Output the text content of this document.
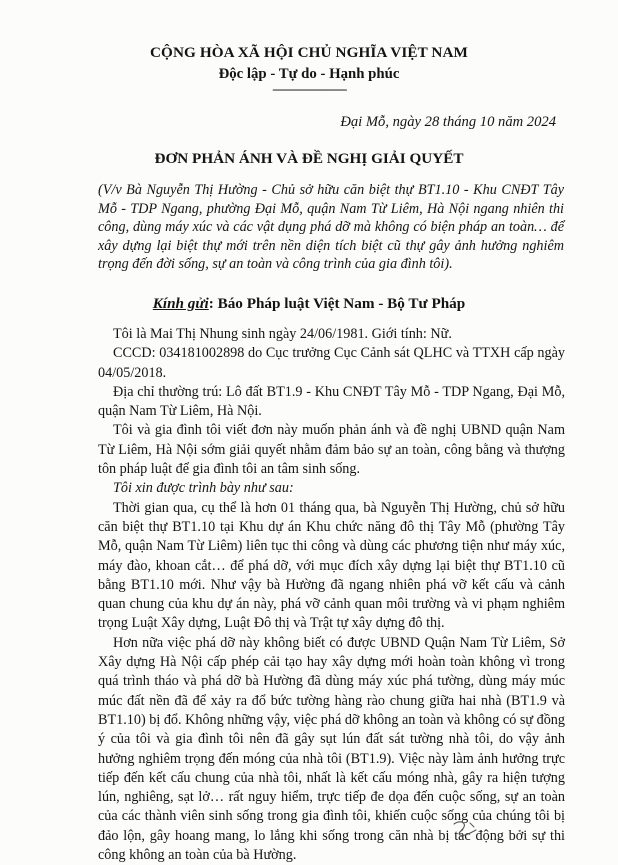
CỘNG HÒA XÃ HỘI CHỦ NGHĨA VIỆT NAM
Độc lập - Tự do - Hạnh phúc
--------------------------
Đại Mỗ, ngày 28 tháng 10 năm 2024
ĐƠN PHẢN ÁNH VÀ ĐỀ NGHỊ GIẢI QUYẾT
(V/v Bà Nguyễn Thị Hường - Chủ sở hữu căn biệt thự BT1.10 - Khu CNĐT Tây Mỗ - TDP Ngang, phường Đại Mỗ, quận Nam Từ Liêm, Hà Nội ngang nhiên thi công, dùng máy xúc và các vật dụng phá dỡ mà không có biện pháp an toàn… để xây dựng lại biệt thự mới trên nền diện tích biệt cũ thự gây ảnh hưởng nghiêm trọng đến đời sống, sự an toàn và công trình của gia đình tôi).
Kính gửi: Báo Pháp luật Việt Nam - Bộ Tư Pháp

Tôi là Mai Thị Nhung sinh ngày 24/06/1981. Giới tính: Nữ.

CCCD: 034181002898 do Cục trưởng Cục Cảnh sát QLHC và TTXH cấp ngày 04/05/2018.

Địa chỉ thường trú: Lô đất BT1.9 - Khu CNĐT Tây Mỗ - TDP Ngang, Đại Mỗ, quận Nam Từ Liêm, Hà Nội.

Tôi và gia đình tôi viết đơn này muốn phản ánh và đề nghị UBND quận Nam Từ Liêm, Hà Nội sớm giải quyết nhằm đảm bảo sự an toàn, công bằng và thượng tôn pháp luật để gia đình tôi an tâm sinh sống.

Tôi xin được trình bày như sau:

Thời gian qua, cụ thể là hơn 01 tháng qua, bà Nguyễn Thị Hường, chủ sở hữu căn biệt thự BT1.10 tại Khu dự án Khu chức năng đô thị Tây Mỗ (phường Tây Mỗ, quận Nam Từ Liêm) liên tục thi công và dùng các phương tiện như máy xúc, máy đào, khoan cắt… để phá dỡ, với mục đích xây dựng lại biệt thự BT1.10 cũ bằng BT1.10 mới. Như vậy bà Hường đã ngang nhiên phá vỡ kết cấu và cảnh quan chung của khu dự án này, phá vỡ cảnh quan môi trường và vi phạm nghiêm trọng Luật Xây dựng, Luật Đô thị và Trật tự xây dựng đô thị.

Hơn nữa việc phá dỡ này không biết có được UBND Quận Nam Từ Liêm, Sở Xây dựng Hà Nội cấp phép cải tạo hay xây dựng mới hoàn toàn không vì trong quá trình tháo và phá dỡ bà Hường đã dùng máy xúc phá tường, dùng máy múc múc đất nền đã để xảy ra đổ bức tường hàng rào chung giữa hai nhà (BT1.9 và BT1.10) bị đổ. Không những vậy, việc phá dỡ không an toàn và không có sự đồng ý của tôi và gia đình tôi nên đã gây sụt lún đất sát tường nhà tôi, do vậy ảnh hưởng nghiêm trọng đến móng của nhà tôi (BT1.9). Việc này làm ảnh hưởng trực tiếp đến kết cấu chung của nhà tôi, nhất là kết cấu móng nhà, gây ra hiện tượng lún, nghiêng, sạt lở… rất nguy hiểm, trực tiếp đe dọa đến cuộc sống, sự an toàn của các thành viên sinh sống trong gia đình tôi, khiến cuộc sống của chúng tôi bị đảo lộn, gây hoang mang, lo lắng khi sống trong căn nhà bị tác động bởi sự thi công không an toàn của bà Hường.
